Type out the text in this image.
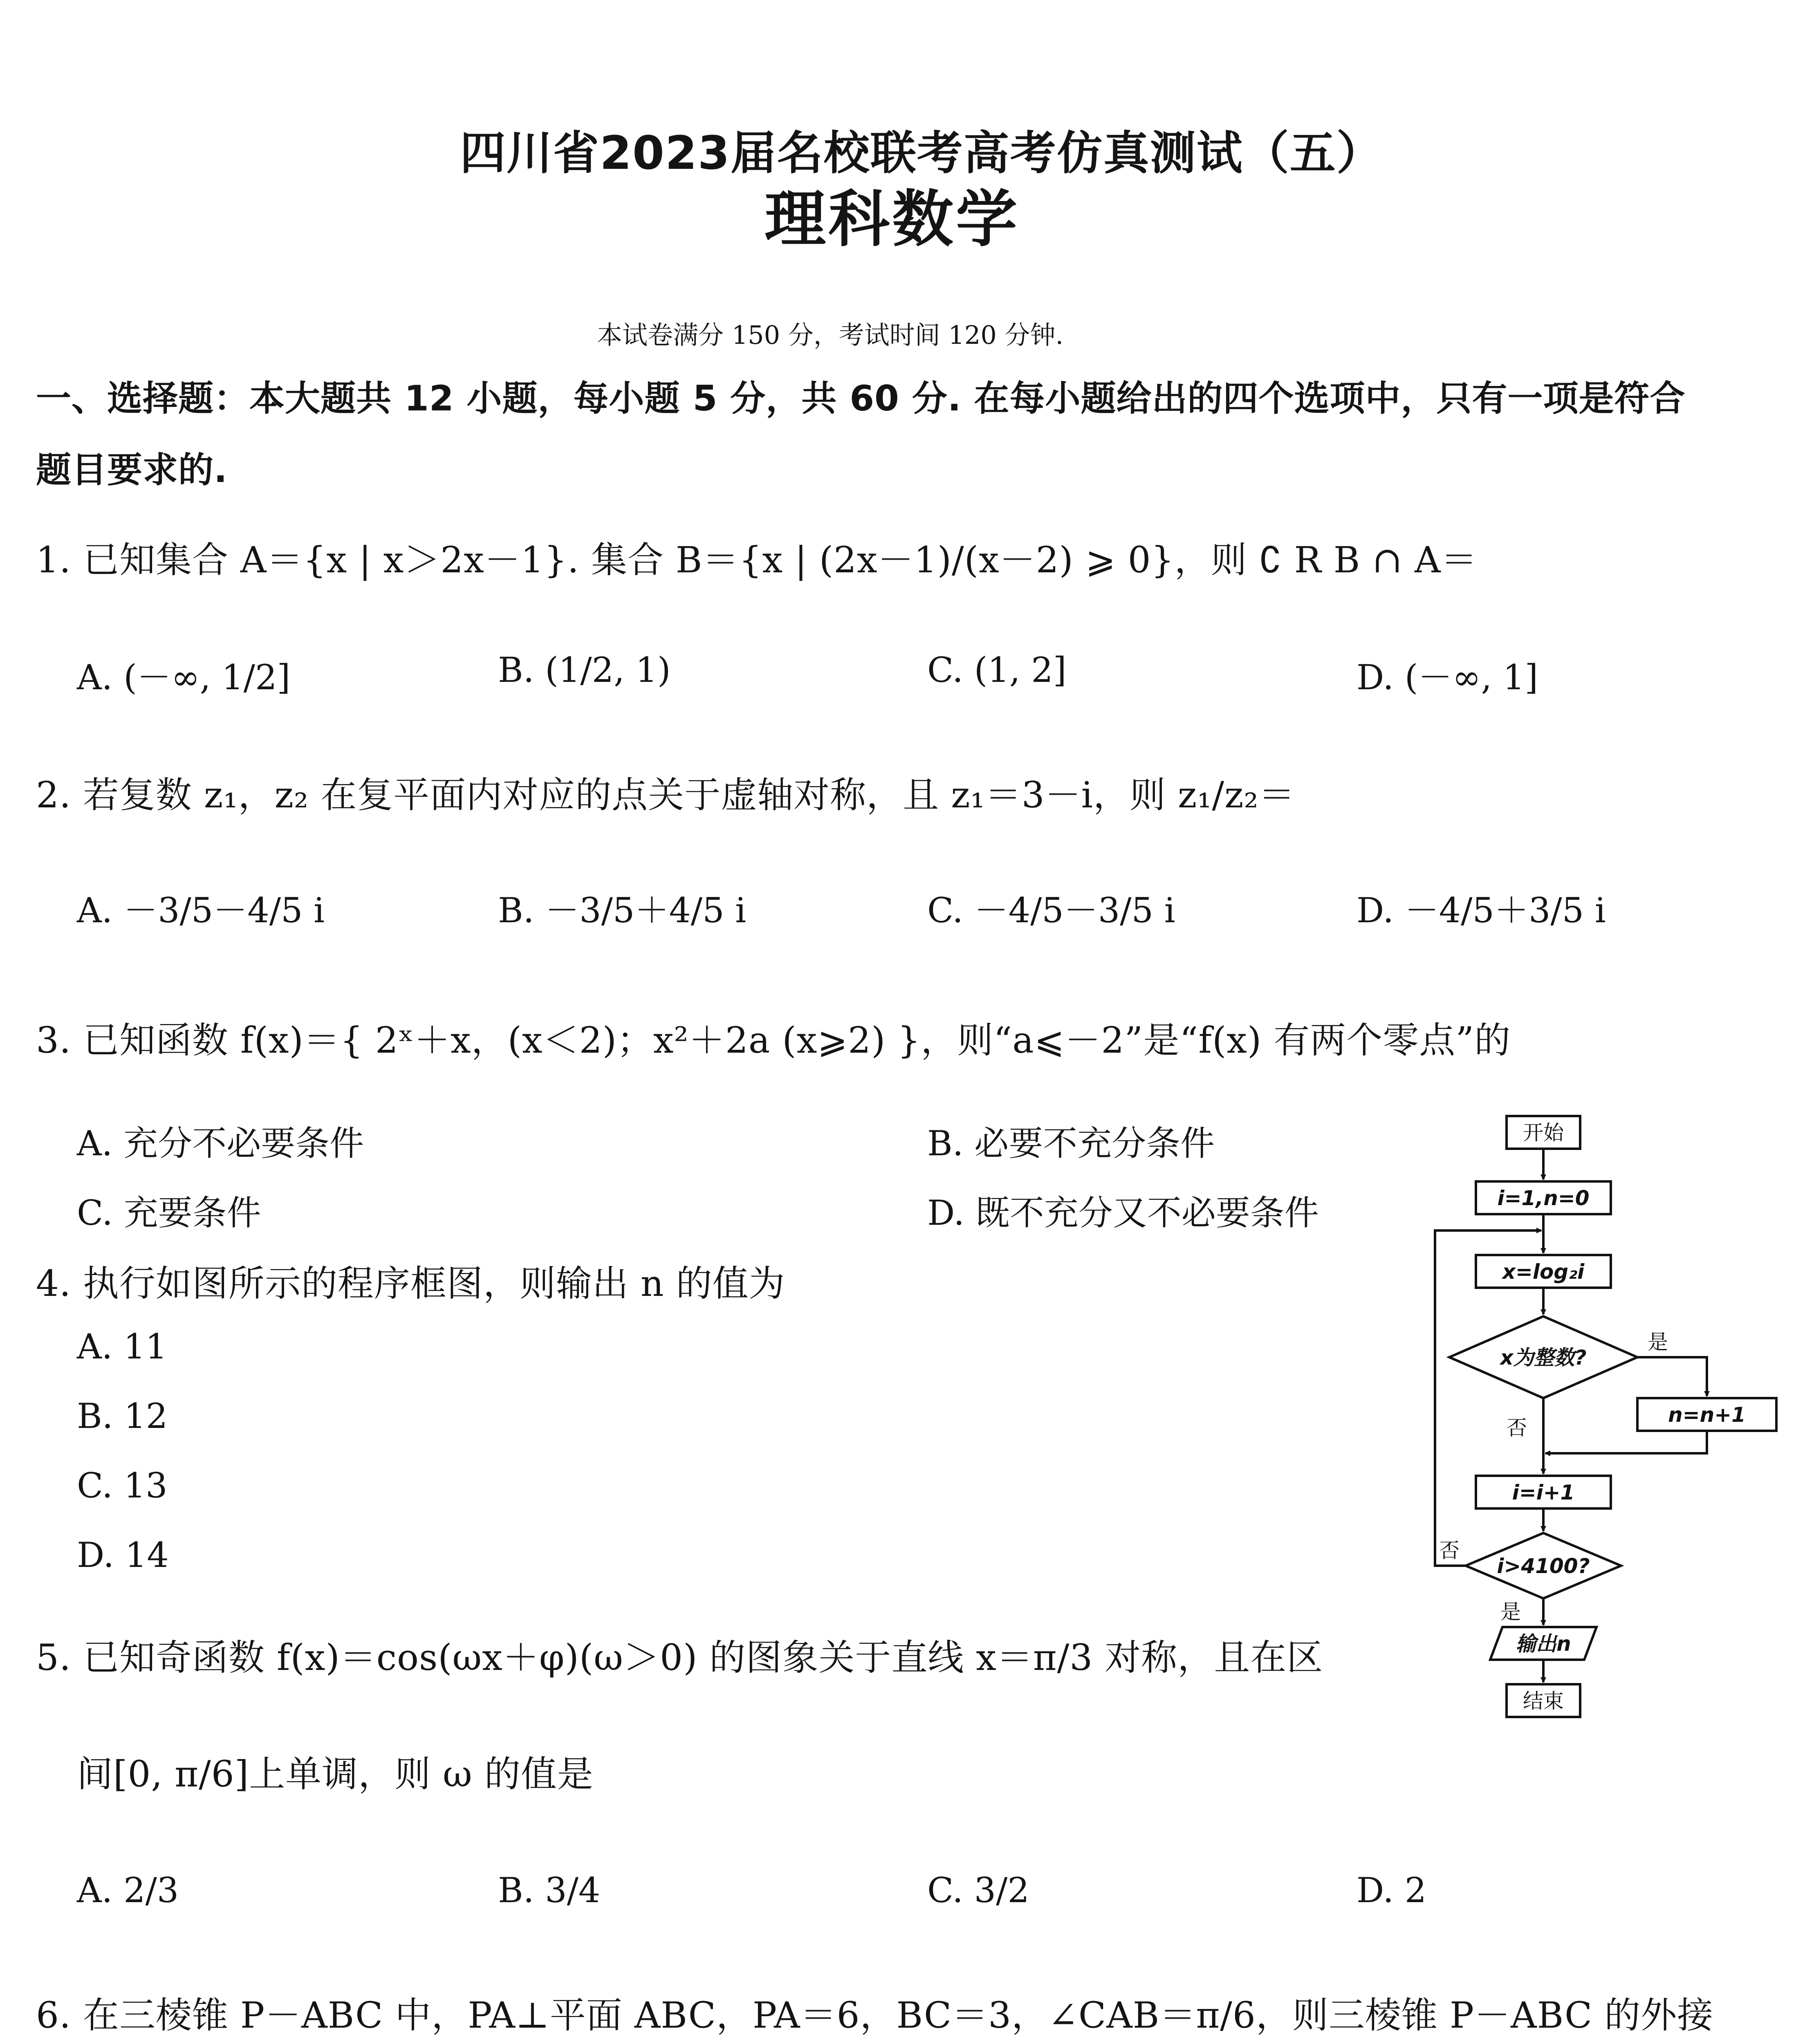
四川省2023届名校联考高考仿真测试（五）
理科数学
本试卷满分 150 分，考试时间 120 分钟.
一、选择题：本大题共 12 小题，每小题 5 分，共 60 分. 在每小题给出的四个选项中，只有一项是符合
题目要求的.
1. 已知集合 A＝{x | x＞2x－1}. 集合 B＝{x | (2x－1)/(x－2) ⩾ 0}，则 ∁ R B ∩ A＝
A. (－∞, 1/2]	B. (1/2, 1)	C. (1, 2]	D. (－∞, 1]
2. 若复数 z₁，z₂ 在复平面内对应的点关于虚轴对称，且 z₁＝3－i，则 z₁/z₂＝
A. －3/5－4/5 i	B. －3/5＋4/5 i	C. －4/5－3/5 i	D. －4/5＋3/5 i
3. 已知函数 f(x)＝{ 2ˣ＋x，(x＜2)；x²＋2a (x⩾2) }，则“a⩽－2”是“f(x) 有两个零点”的
A. 充分不必要条件	B. 必要不充分条件
C. 充要条件	D. 既不充分又不必要条件
4. 执行如图所示的程序框图，则输出 n 的值为
A. 11
B. 12
C. 13
D. 14
5. 已知奇函数 f(x)＝cos(ωx＋φ)(ω＞0) 的图象关于直线 x＝π/3 对称，且在区
间[0, π/6]上单调，则 ω 的值是
A. 2/3	B. 3/4	C. 3/2	D. 2
6. 在三棱锥 P－ABC 中，PA⊥平面 ABC，PA＝6，BC＝3，∠CAB＝π/6，则三棱锥 P－ABC 的外接
开始
i=1,n=0
x=log₂i
x为整数?
是
n=n+1
否
i=i+1
i>4100?
否
是
输出n
结束
